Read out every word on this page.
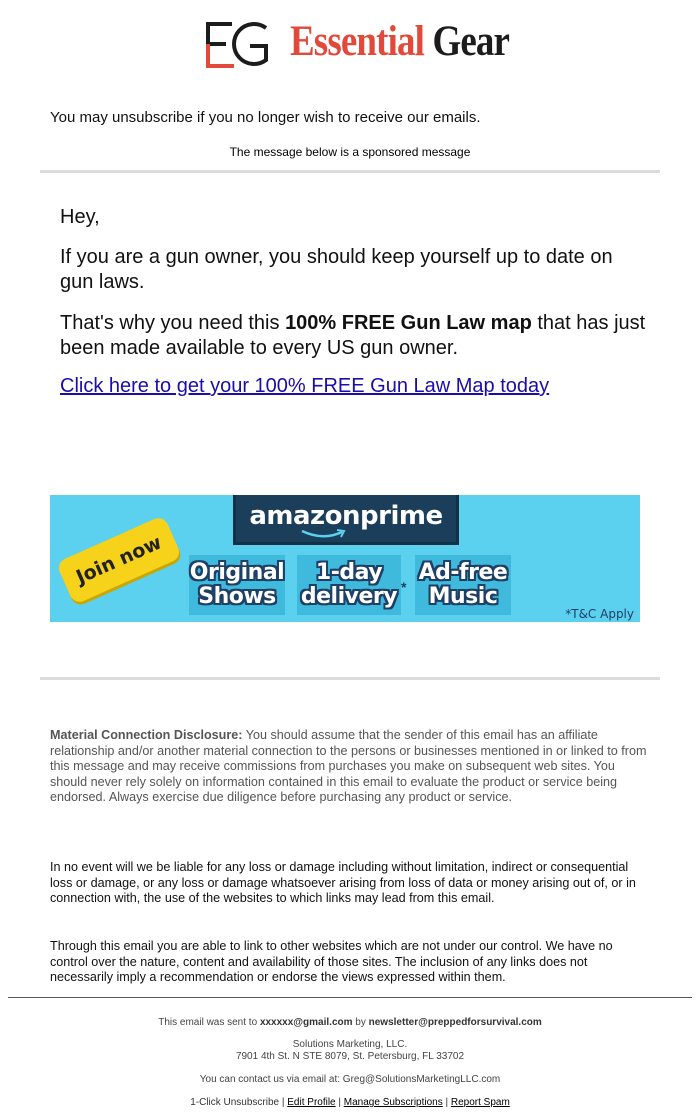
Essential Gear
You may unsubscribe if you no longer wish to receive our emails.
The message below is a sponsored message
Hey,
If you are a gun owner, you should keep yourself up to date on gun laws.
That's why you need this 100% FREE Gun Law map that has just been made available to every US gun owner.
Click here to get your 100% FREE Gun Law Map today
amazonprime
Join now	Original
Shows
1-day
delivery *
Ad-free
Music
*T&C Apply
Material Connection Disclosure: You should assume that the sender of this email has an affiliate relationship and/or another material connection to the persons or businesses mentioned in or linked to from this message and may receive commissions from purchases you make on subsequent web sites. You should never rely solely on information contained in this email to evaluate the product or service being endorsed. Always exercise due diligence before purchasing any product or service.
In no event will we be liable for any loss or damage including without limitation, indirect or consequential loss or damage, or any loss or damage whatsoever arising from loss of data or money arising out of, or in connection with, the use of the websites to which links may lead from this email.
Through this email you are able to link to other websites which are not under our control. We have no control over the nature, content and availability of those sites. The inclusion of any links does not necessarily imply a recommendation or endorse the views expressed within them.
This email was sent to xxxxxx@gmail.com by newsletter@preppedforsurvival.com
Solutions Marketing, LLC.
7901 4th St. N STE 8079, St. Petersburg, FL 33702
You can contact us via email at: Greg@SolutionsMarketingLLC.com
1-Click Unsubscribe | Edit Profile | Manage Subscriptions | Report Spam
